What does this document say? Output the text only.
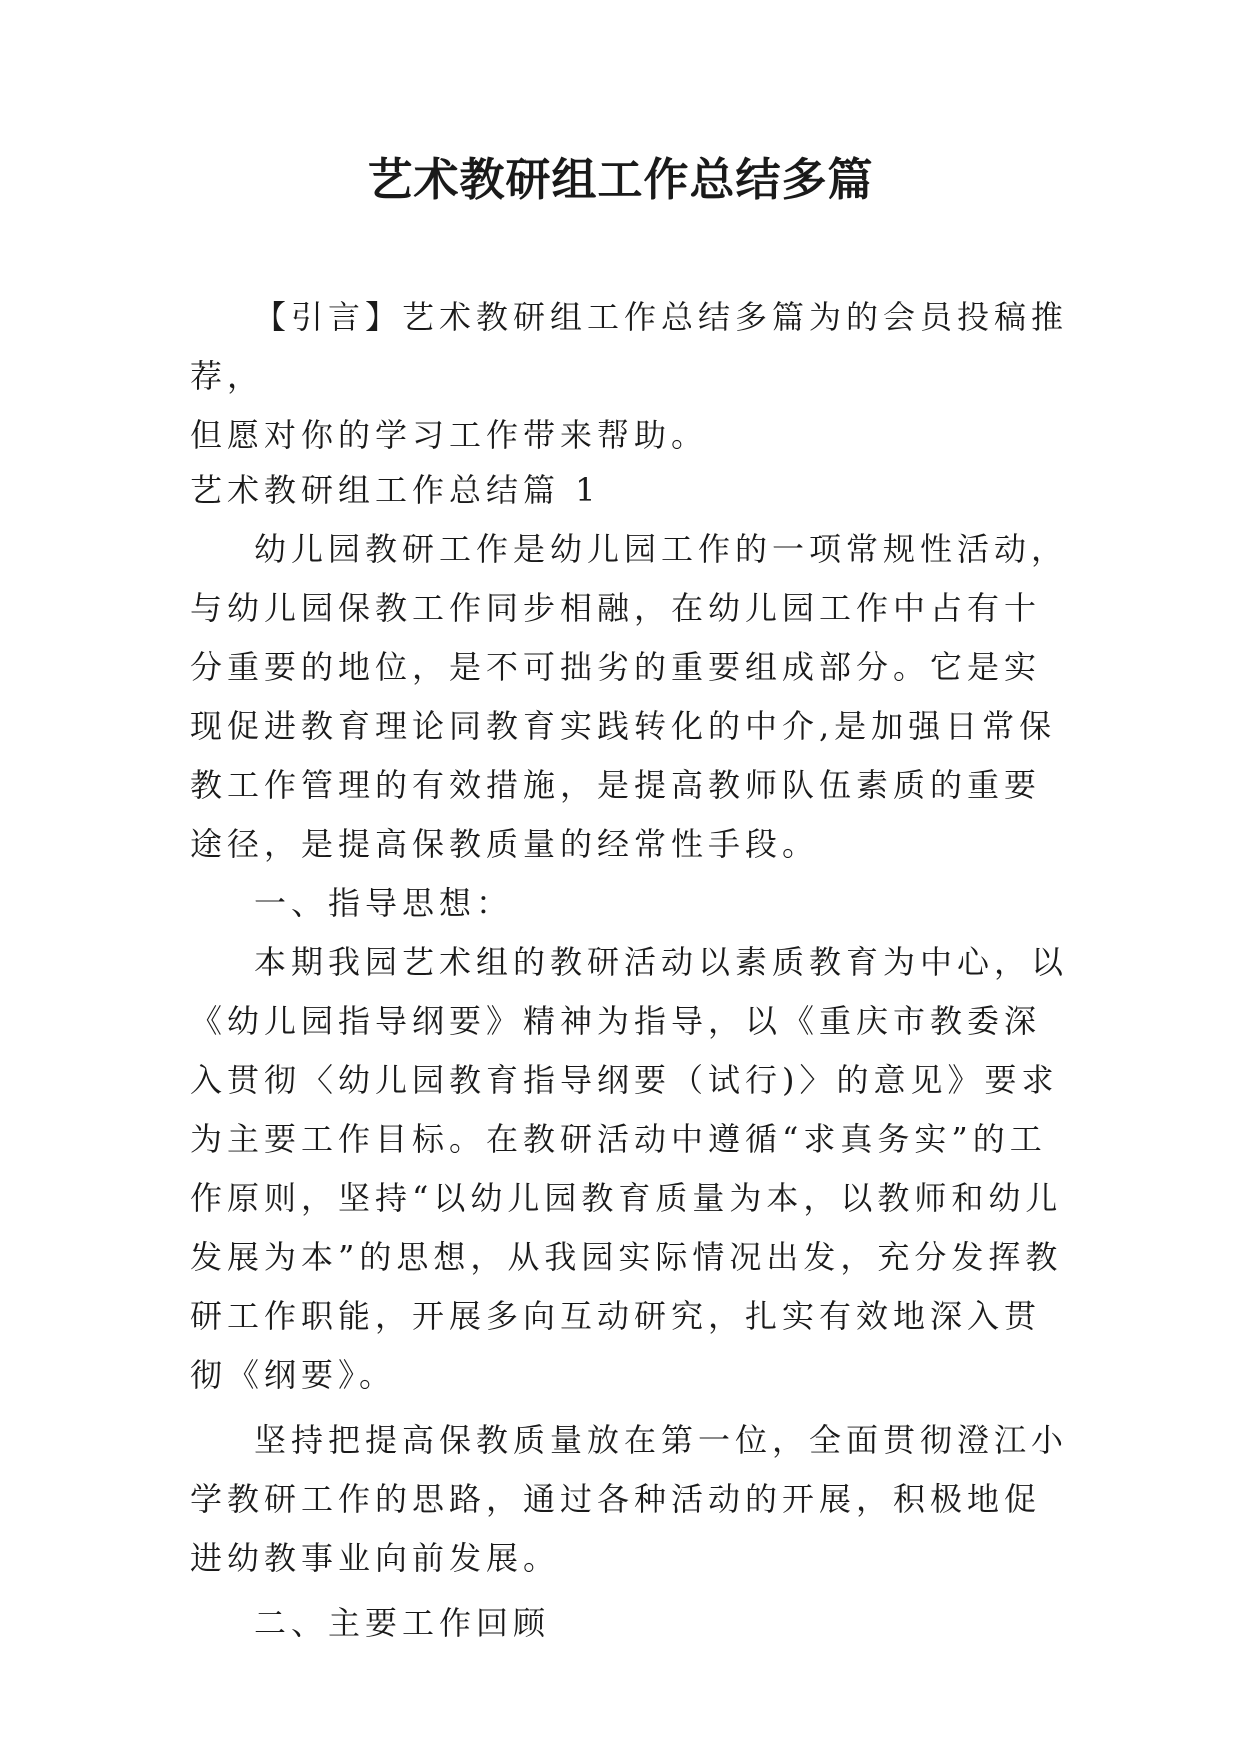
艺术教研组工作总结多篇
【引言】艺术教研组工作总结多篇为的会员投稿推荐，
但愿对你的学习工作带来帮助。

艺术教研组工作总结篇 1

幼儿园教研工作是幼儿园工作的一项常规性活动，与幼儿园保教工作同步相融，在幼儿园工作中占有十分重要的地位，是不可拙劣的重要组成部分。它是实现促进教育理论同教育实践转化的中介,是加强日常保教工作管理的有效措施，是提高教师队伍素质的重要途径，是提高保教质量的经常性手段。

一、指导思想：

本期我园艺术组的教研活动以素质教育为中心，以《幼儿园指导纲要》精神为指导，以《重庆市教委深入贯彻〈幼儿园教育指导纲要（试行)〉的意见》要求为主要工作目标。在教研活动中遵循“求真务实”的工作原则，坚持“以幼儿园教育质量为本，以教师和幼儿发展为本”的思想，从我园实际情况出发，充分发挥教研工作职能，开展多向互动研究，扎实有效地深入贯彻《纲要》。

坚持把提高保教质量放在第一位，全面贯彻澄江小学教研工作的思路，通过各种活动的开展，积极地促进幼教事业向前发展。

二、主要工作回顾
